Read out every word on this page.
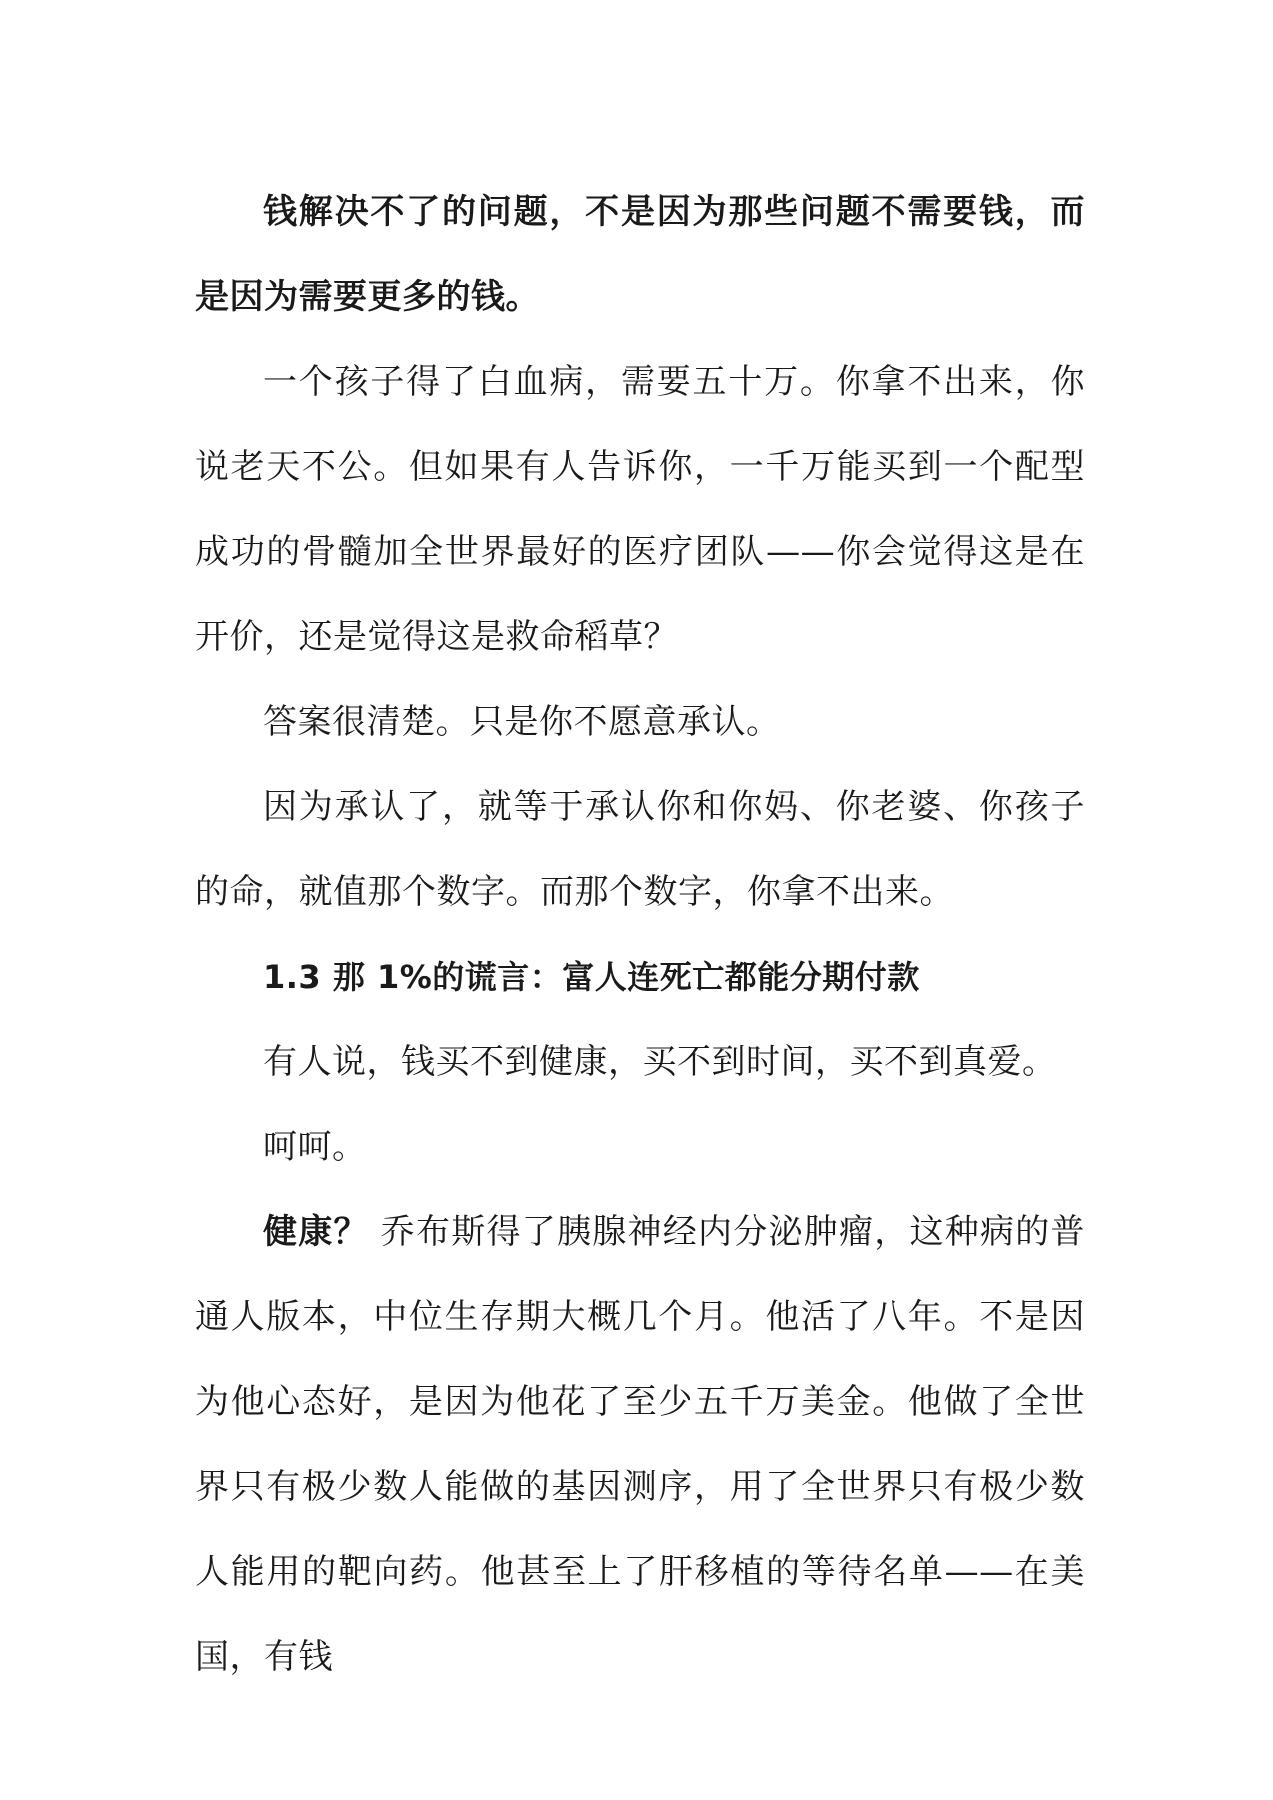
钱解决不了的问题，不是因为那些问题不需要钱，而是因为需要更多的钱。

一个孩子得了白血病，需要五十万。你拿不出来，你说老天不公。但如果有人告诉你，一千万能买到一个配型成功的骨髓加全世界最好的医疗团队——你会觉得这是在开价，还是觉得这是救命稻草？

答案很清楚。只是你不愿意承认。

因为承认了，就等于承认你和你妈、你老婆、你孩子的命，就值那个数字。而那个数字，你拿不出来。

1.3 那 1%的谎言：富人连死亡都能分期付款

有人说，钱买不到健康，买不到时间，买不到真爱。

呵呵。

健康？ 乔布斯得了胰腺神经内分泌肿瘤，这种病的普通人版本，中位生存期大概几个月。他活了八年。不是因为他心态好，是因为他花了至少五千万美金。他做了全世界只有极少数人能做的基因测序，用了全世界只有极少数人能用的靶向药。他甚至上了肝移植的等待名单——在美国，有钱
